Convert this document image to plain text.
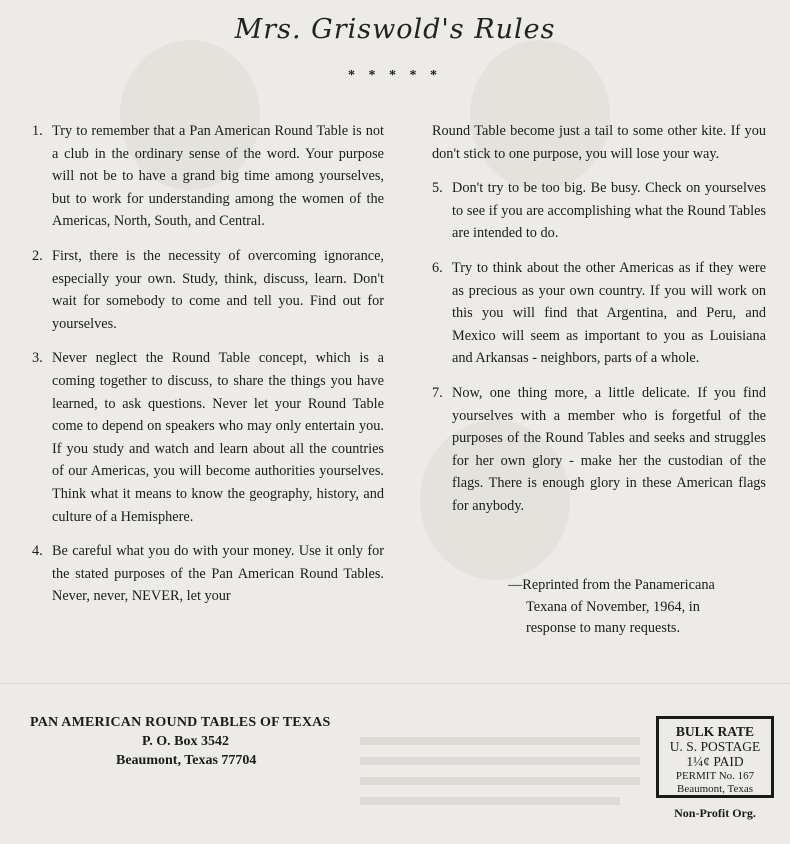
Mrs. Griswold's Rules
* * * * *
1. Try to remember that a Pan American Round Table is not a club in the ordinary sense of the word. Your purpose will not be to have a grand big time among yourselves, but to work for understanding among the women of the Americas, North, South, and Central.
2. First, there is the necessity of overcoming ignorance, especially your own. Study, think, discuss, learn. Don't wait for somebody to come and tell you. Find out for yourselves.
3. Never neglect the Round Table concept, which is a coming together to discuss, to share the things you have learned, to ask questions. Never let your Round Table come to depend on speakers who may only entertain you. If you study and watch and learn about all the countries of our Americas, you will become authorities yourselves. Think what it means to know the geography, history, and culture of a Hemisphere.
4. Be careful what you do with your money. Use it only for the stated purposes of the Pan American Round Tables. Never, never, NEVER, let your
Round Table become just a tail to some other kite. If you don't stick to one purpose, you will lose your way.
5. Don't try to be too big. Be busy. Check on yourselves to see if you are accomplishing what the Round Tables are intended to do.
6. Try to think about the other Americas as if they were as precious as your own country. If you will work on this you will find that Argentina, and Peru, and Mexico will seem as important to you as Louisiana and Arkansas - neighbors, parts of a whole.
7. Now, one thing more, a little delicate. If you find yourselves with a member who is forgetful of the purposes of the Round Tables and seeks and struggles for her own glory - make her the custodian of the flags. There is enough glory in these American flags for anybody.
—Reprinted from the Panamericana
Texana of November, 1964, in
response to many requests.
PAN AMERICAN ROUND TABLES OF TEXAS
P. O. Box 3542
Beaumont, Texas 77704
BULK RATE
U. S. POSTAGE
1¼¢ PAID
PERMIT No. 167
Beaumont, Texas
Non-Profit Org.
